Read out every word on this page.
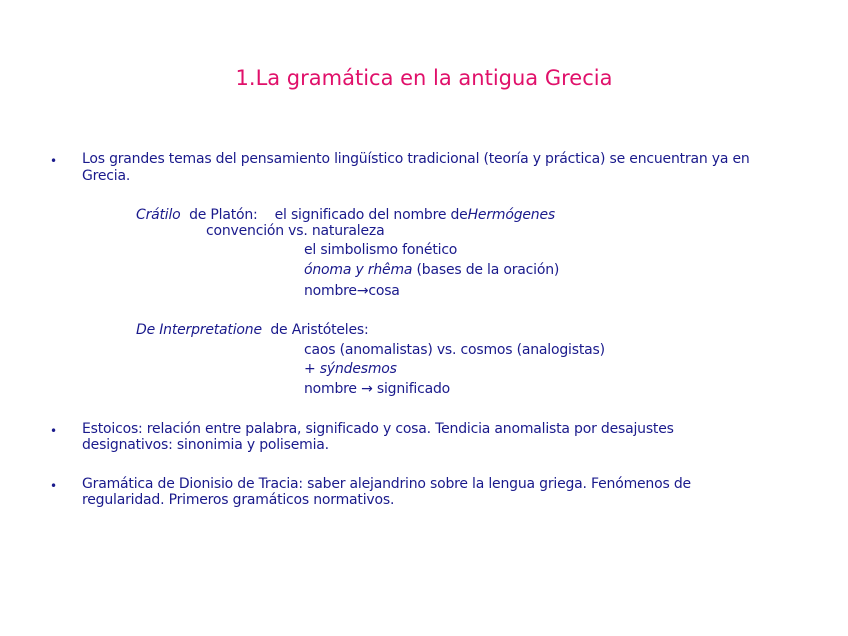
1.La gramática en la antigua Grecia
• Los grandes temas del pensamiento lingüístico tradicional (teoría y práctica) se encuentran ya en
Grecia.
Crátilo de Platón: el significado del nombre deHermógenes
convención vs. naturaleza
el simbolismo fonético
ónoma y rhêma (bases de la oración)
nombre→cosa
De Interpretatione de Aristóteles:
caos (anomalistas) vs. cosmos (analogistas)
+ sýndesmos
nombre → significado
• Estoicos: relación entre palabra, significado y cosa. Tendicia anomalista por desajustes
designativos: sinonimia y polisemia.
• Gramática de Dionisio de Tracia: saber alejandrino sobre la lengua griega. Fenómenos de
regularidad. Primeros gramáticos normativos.
